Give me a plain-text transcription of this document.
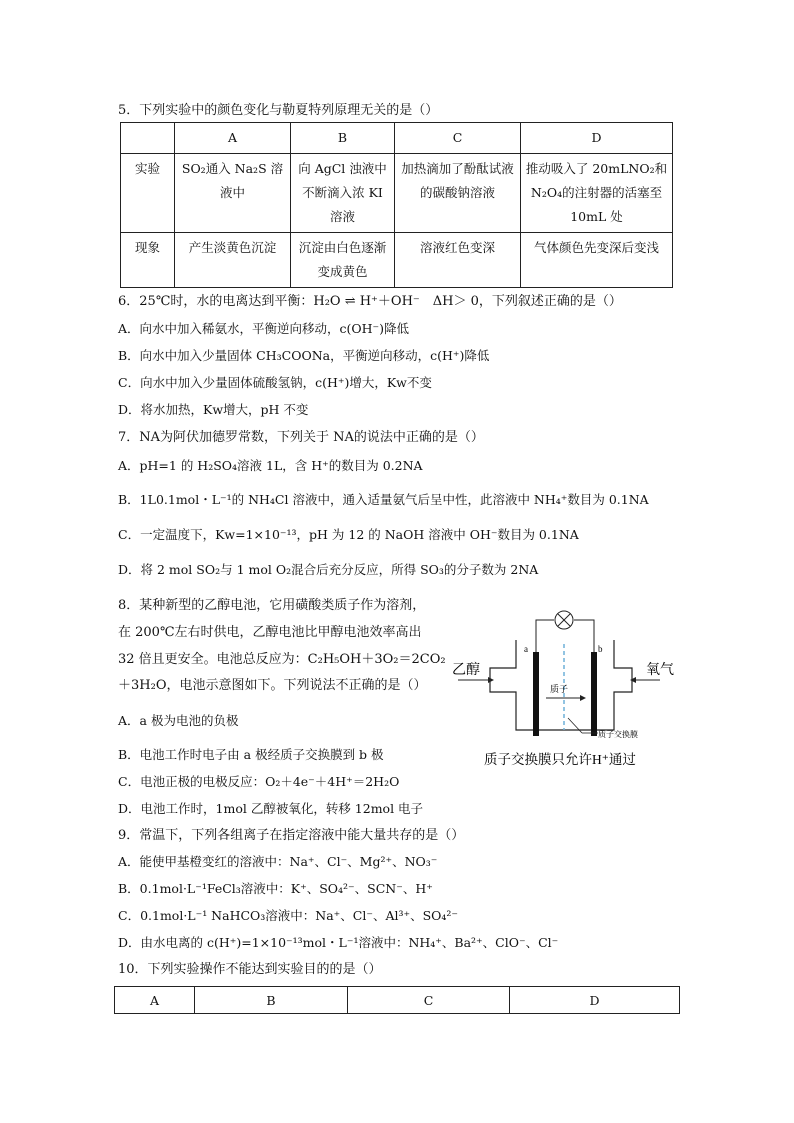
5．下列实验中的颜色变化与勒夏特列原理无关的是（）
	A	B	C	D
实验	SO₂通入 Na₂S 溶液中	向 AgCl 浊液中不断滴入浓 KI 溶液	加热滴加了酚酞试液的碳酸钠溶液	推动吸入了 20mLNO₂和 N₂O₄的注射器的活塞至 10mL 处
现象	产生淡黄色沉淀	沉淀由白色逐渐变成黄色	溶液红色变深	气体颜色先变深后变浅
6．25℃时，水的电离达到平衡：H₂O ⇌ H⁺＋OH⁻　ΔH＞ 0，下列叙述正确的是（）
A．向水中加入稀氨水，平衡逆向移动，c(OH⁻)降低
B．向水中加入少量固体 CH₃COONa，平衡逆向移动，c(H⁺)降低
C．向水中加入少量固体硫酸氢钠，c(H⁺)增大，Kw不变
D．将水加热，Kw增大，pH 不变
7．NA为阿伏加德罗常数，下列关于 NA的说法中正确的是（）
A．pH=1 的 H₂SO₄溶液 1L，含 H⁺的数目为 0.2NA
B．1L0.1mol・L⁻¹的 NH₄Cl 溶液中，通入适量氨气后呈中性，此溶液中 NH₄⁺数目为 0.1NA
C．一定温度下，Kw=1×10⁻¹³，pH 为 12 的 NaOH 溶液中 OH⁻数目为 0.1NA
D．将 2 mol SO₂与 1 mol O₂混合后充分反应，所得 SO₃的分子数为 2NA
8．某种新型的乙醇电池，它用磺酸类质子作为溶剂，
在 200℃左右时供电，乙醇电池比甲醇电池效率高出
32 倍且更安全。电池总反应为：C₂H₅OH＋3O₂＝2CO₂
＋3H₂O，电池示意图如下。下列说法不正确的是（）
A．a 极为电池的负极
B．电池工作时电子由 a 极经质子交换膜到 b 极
C．电池正极的电极反应：O₂＋4e⁻＋4H⁺＝2H₂O
D．电池工作时，1mol 乙醇被氧化，转移 12mol 电子
a	b
质子
乙醇	氧气
质子交换膜
质子交换膜只允许H⁺通过
9．常温下，下列各组离子在指定溶液中能大量共存的是（）
A．能使甲基橙变红的溶液中：Na⁺、Cl⁻、Mg²⁺、NO₃⁻
B．0.1mol·L⁻¹FeCl₃溶液中：K⁺、SO₄²⁻、SCN⁻、H⁺
C．0.1mol·L⁻¹ NaHCO₃溶液中：Na⁺、Cl⁻、Al³⁺、SO₄²⁻
D．由水电离的 c(H⁺)=1×10⁻¹³mol・L⁻¹溶液中：NH₄⁺、Ba²⁺、ClO⁻、Cl⁻
10．下列实验操作不能达到实验目的的是（）
A	B	C	D
